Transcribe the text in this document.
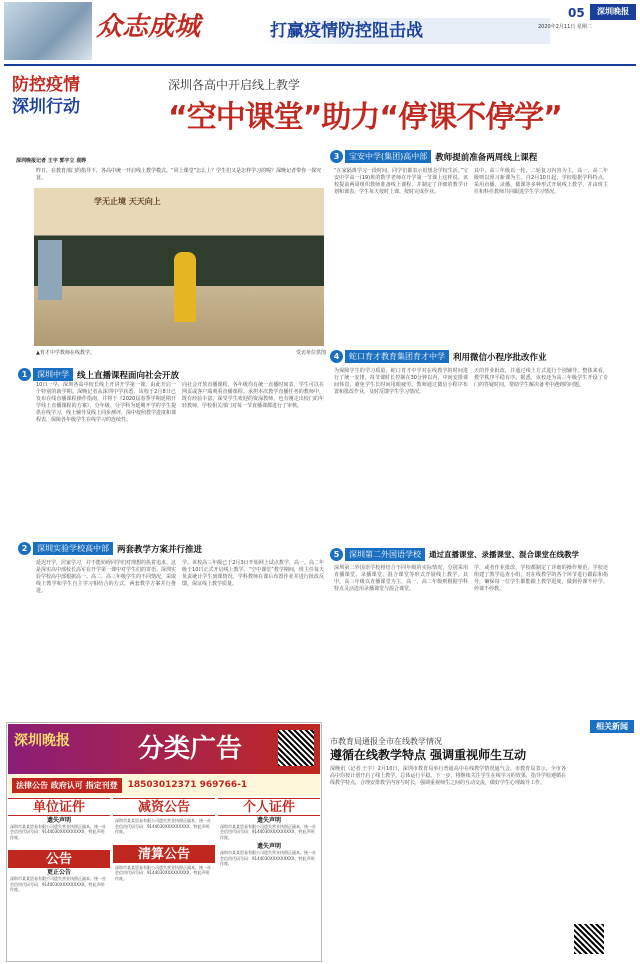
众志成城	打赢疫情防控阻击战
05	深圳晚报
2020年2月11日 星期二
防控疫情
深圳行动
深圳各高中开启线上教学
“空中课堂”助力“停课不停学”
深圳晚报记者 王宇 郭宇立 袁晔
昨日，在教育部门的指导下，各高中统一开启线上教学模式。“同上课堂”怎么上？学生们又是怎样学习的呢？深晚记者带你一探究竟。
学无止境 天天向上
▲育才中学教师在线教学。	受访单位供图
1	深圳中学 线上直播课程面向社会开放
10日一早，深圳各高中校长线上开讲开学第一课，由此开启一个特别的新学期。深晚记者从深圳中学获悉，该校于2月8日已发布在线直播课程操作指南，并将于《2020届春季学期延期开学线上直播课程的方案》，分年级、分学科为延期开学的学生提供在线学习，线上辅导及线上同步测评。深中按照教学进度和课程表，保障各年级学生在线学习的连续性。
向社会开放直播课程，各年级均有统一直播时间表，学生可以在网页或客户端观看直播课程。承担本次教学直播任务的教师中，既有经验丰富、深受学生欢迎的资深教师，也有刚走出校门的年轻教师，学校相关部门对每一节直播课都进行了审核。
2	深圳实验学校高中部 两套教学方案并行推进
延迟开学，居家学习，并不能妨碍同学们对理想的执着追求。这是深实高中部校长高军在开学第一课中对学生们的寄语。深圳实验学校高中部根据高一、高二、高三年级学生的不同情况，采取线上教学和学生自主学习相结合的方式，两套教学方案并行推进。
学。该校高三年级已于2月3日开始网上试点教学，高一、高二年级于10日正式开启线上教学。“空中课堂”教学期间，班主任每天负责统计学生到课情况，学科教师在课后布置作业并进行批改反馈，保证线上教学质量。
3	宝安中学(集团)高中部 教师提前准备两周线上课程
“在家隔离学习一段时间，同学们都表示很想念学校生活。”宝安中学高一(19)班的数学老师在开学第一节课上这样说。该校提前两周组织教师准备线上课程，并制定了详细的教学计划和课表，学生每天按时上课、按时完成作业。
其中，高三年级以一轮、二轮复习内容为主，高一、高二年级则以预习新课为主。自2月10日起，学校根据学科特点，采用直播、录播、微课等多种形式开展线上教学，并由班主任和科任教师共同跟进学生学习情况。
4	蛇口育才教育集团育才中学 利用微信小程序批改作业
为保障学生的学习质量，蛇口育才中学对在线教学的时间进行了统一安排，每节课时长控制在30分钟以内，中间安排课间休息，避免学生长时间用眼疲劳。教师通过微信小程序布置和批改作业，及时反馈学生学习情况。
天的作业批改，并通过线上方式进行个别辅导。整体来看，教学秩序平稳有序。据悉，该校还为高三年级学生开设了专门的答疑时间，帮助学生解决备考中遇到的问题。
5	深圳第二外国语学校	通过直播课堂、录播课堂、混合课堂在线教学
深圳第二外国语学校将结合不同年级的实际情况，分别采用直播课堂、录播课堂、混合课堂等形式开展线上教学。其中，高三年级以直播课堂为主，高一、高二年级则根据学科特点灵活选用录播课堂与混合课堂。
学，或者作业批改，学校都制定了详细的操作规范。学校还组建了教学巡查小组，对在线教学的各个环节进行跟踪和指导，确保每一位学生都能跟上教学进度，做到停课不停学、停课不停教。
深圳晚报	分类广告
法律公告 政府认可 指定刊登	18503012371 969766-1
单位证件
遗失声明
深圳市某某贸易有限公司遗失营业执照正副本，统一社会信用代码号码：9144030XXXXXXXXX，特此声明作废。
公告
更正公告
深圳市某某贸易有限公司遗失营业执照正副本，统一社会信用代码号码：9144030XXXXXXXXX，特此声明作废。
减资公告
深圳市某某贸易有限公司遗失营业执照正副本，统一社会信用代码号码：9144030XXXXXXXXX，特此声明作废。
清算公告
深圳市某某贸易有限公司遗失营业执照正副本，统一社会信用代码号码：9144030XXXXXXXXX，特此声明作废。
个人证件
遗失声明
深圳市某某贸易有限公司遗失营业执照正副本，统一社会信用代码号码：9144030XXXXXXXXX，特此声明作废。
遗失声明
深圳市某某贸易有限公司遗失营业执照正副本，统一社会信用代码号码：9144030XXXXXXXXX，特此声明作废。
相关新闻
市教育局通报全市在线教学情况
遵循在线教学特点 强调重视师生互动
深晚讯（记者 王宇）2月10日，深圳市教育局举行普通高中在线教学情况通气会。市教育局表示，全市各高中均按计划开启了线上教学，总体运行平稳。下一步，将继续关注学生在线学习的效果，指导学校遵循在线教学特点，合理安排教学内容与时长，强调重视师生之间的互动交流，做好学生心理疏导工作。
